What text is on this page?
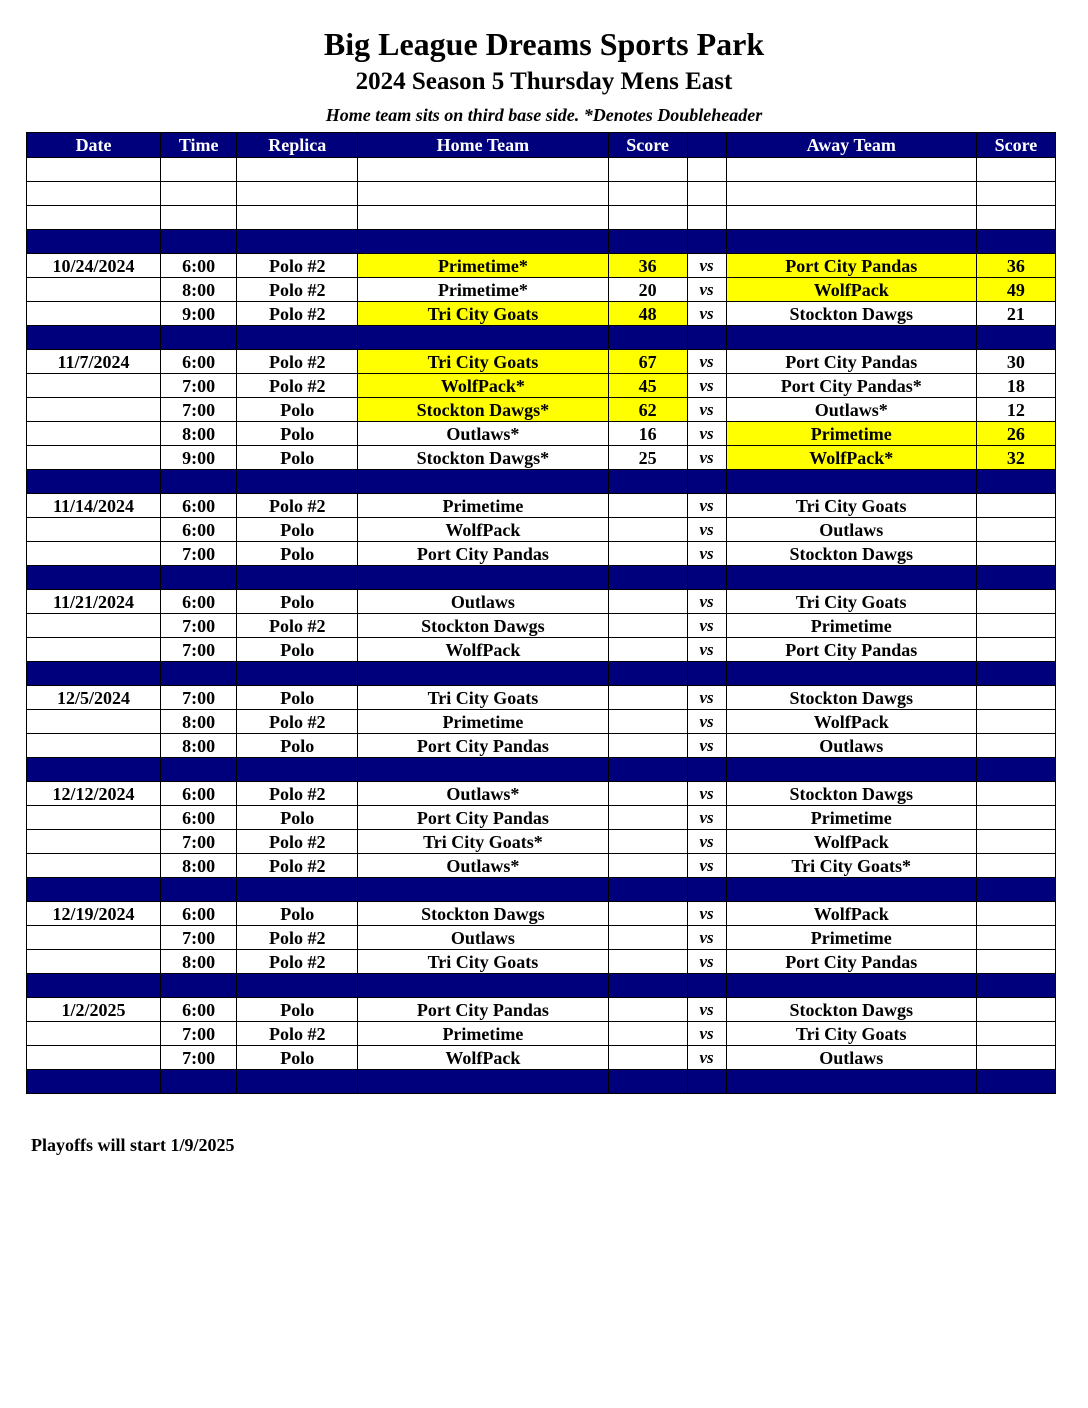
Big League Dreams Sports Park
2024 Season 5 Thursday Mens East
Home team sits on third base side. *Denotes Doubleheader
Date	Time	Replica	Home Team	Score		Away Team	Score

10/24/2024	6:00	Polo #2	Primetime*	36	vs	Port City Pandas	36
	8:00	Polo #2	Primetime*	20	vs	WolfPack	49
	9:00	Polo #2	Tri City Goats	48	vs	Stockton Dawgs	21

11/7/2024	6:00	Polo #2	Tri City Goats	67	vs	Port City Pandas	30
	7:00	Polo #2	WolfPack*	45	vs	Port City Pandas*	18
	7:00	Polo	Stockton Dawgs*	62	vs	Outlaws*	12
	8:00	Polo	Outlaws*	16	vs	Primetime	26
	9:00	Polo	Stockton Dawgs*	25	vs	WolfPack*	32

11/14/2024	6:00	Polo #2	Primetime		vs	Tri City Goats	
	6:00	Polo	WolfPack		vs	Outlaws	
	7:00	Polo	Port City Pandas		vs	Stockton Dawgs	

11/21/2024	6:00	Polo	Outlaws		vs	Tri City Goats	
	7:00	Polo #2	Stockton Dawgs		vs	Primetime	
	7:00	Polo	WolfPack		vs	Port City Pandas	

12/5/2024	7:00	Polo	Tri City Goats		vs	Stockton Dawgs	
	8:00	Polo #2	Primetime		vs	WolfPack	
	8:00	Polo	Port City Pandas		vs	Outlaws	

12/12/2024	6:00	Polo #2	Outlaws*		vs	Stockton Dawgs	
	6:00	Polo	Port City Pandas		vs	Primetime	
	7:00	Polo #2	Tri City Goats*		vs	WolfPack	
	8:00	Polo #2	Outlaws*		vs	Tri City Goats*	

12/19/2024	6:00	Polo	Stockton Dawgs		vs	WolfPack	
	7:00	Polo #2	Outlaws		vs	Primetime	
	8:00	Polo #2	Tri City Goats		vs	Port City Pandas	

1/2/2025	6:00	Polo	Port City Pandas		vs	Stockton Dawgs	
	7:00	Polo #2	Primetime		vs	Tri City Goats	
	7:00	Polo	WolfPack		vs	Outlaws	

Playoffs will start 1/9/2025
